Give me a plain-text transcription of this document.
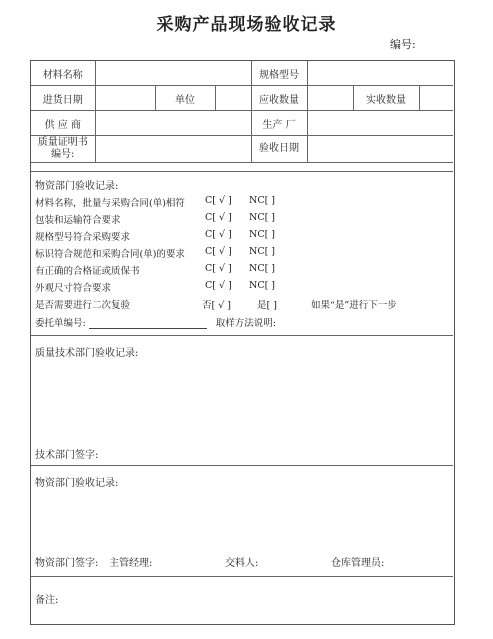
采购产品现场验收记录
编号:
材料名称				规格型号			
进货日期		单位		应收数量		实收数量	
供 应 商				生产 厂			

质量证明书
编号:				验收日期			
物资部门验收记录:
材料名称，批量与采购合同(单)相符 C[ √ ] NC[ ]
包装和运输符合要求	C[ √ ] NC[ ]
规格型号符合采购要求	C[ √ ] NC[ ]
标识符合规范和采购合同(单)的要求 C[ √ ] NC[ ]
有正确的合格证或质保书	C[ √ ] NC[ ]
外观尺寸符合要求	C[ √ ] NC[ ]
是否需要进行二次复验	否[ √ ]	是[ ]	如果“是”进行下一步
委托单编号:	取样方法说明:
质量技术部门验收记录:
技术部门签字:
物资部门验收记录:
物资部门签字: 主管经理:	交料人:	仓库管理员:
备注:
